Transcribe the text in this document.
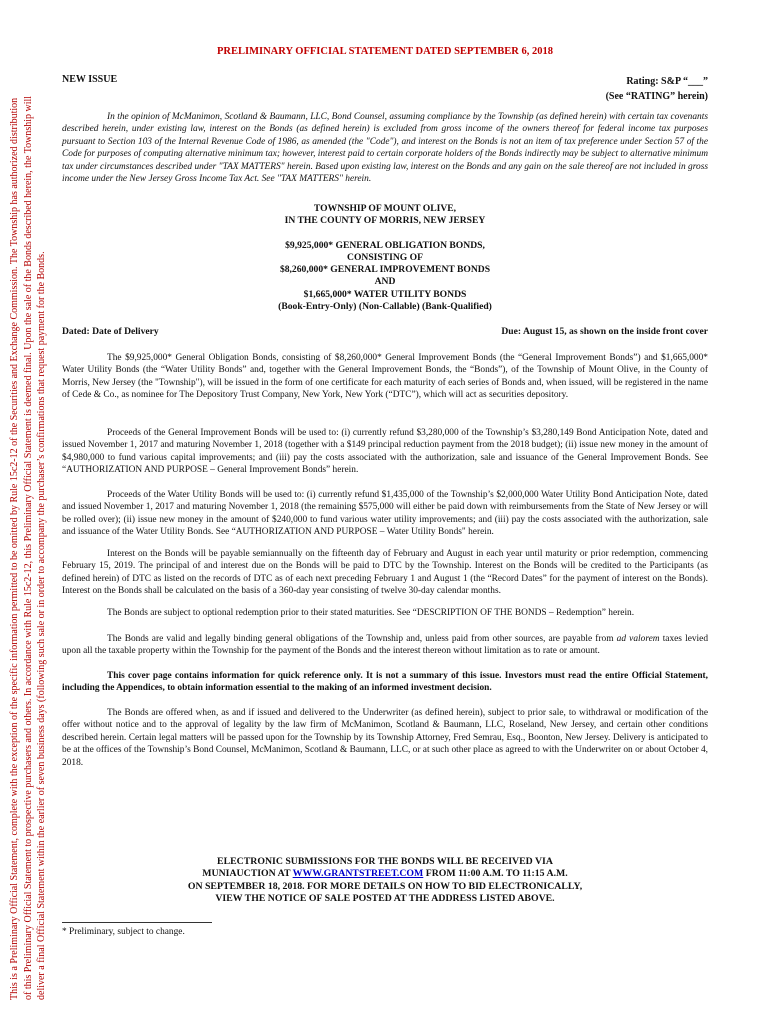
This is a Preliminary Official Statement, complete with the exception of the specific information permitted to be omitted by Rule 15c2-12 of the Securities and Exchange Commission. The Township has authorized distribution of this Preliminary Official Statement to prospective purchasers and others. In accordance with Rule 15c2-12, this Preliminary Official Statement is deemed final. Upon the sale of the Bonds described herein, the Township will deliver a final Official Statement within the earlier of seven business days (following such sale or in order to accompany the purchaser’s confirmations that request payment for the Bonds.

PRELIMINARY OFFICIAL STATEMENT DATED SEPTEMBER 6, 2018
NEW ISSUE	Rating: S&P “___”
(See “RATING” herein)

In the opinion of McManimon, Scotland & Baumann, LLC, Bond Counsel, assuming compliance by the Township (as defined herein) with certain tax covenants described herein, under existing law, interest on the Bonds (as defined herein) is excluded from gross income of the owners thereof for federal income tax purposes pursuant to Section 103 of the Internal Revenue Code of 1986, as amended (the "Code"), and interest on the Bonds is not an item of tax preference under Section 57 of the Code for purposes of computing alternative minimum tax; however, interest paid to certain corporate holders of the Bonds indirectly may be subject to alternative minimum tax under circumstances described under "TAX MATTERS" herein. Based upon existing law, interest on the Bonds and any gain on the sale thereof are not included in gross income under the New Jersey Gross Income Tax Act. See "TAX MATTERS" herein.

TOWNSHIP OF MOUNT OLIVE,
IN THE COUNTY OF MORRIS, NEW JERSEY
$9,925,000* GENERAL OBLIGATION BONDS,
CONSISTING OF
$8,260,000* GENERAL IMPROVEMENT BONDS
AND
$1,665,000* WATER UTILITY BONDS
(Book-Entry-Only) (Non-Callable) (Bank-Qualified)
Dated: Date of Delivery	Due: August 15, as shown on the inside front cover

The $9,925,000* General Obligation Bonds, consisting of $8,260,000* General Improvement Bonds (the “General Improvement Bonds”) and $1,665,000* Water Utility Bonds (the “Water Utility Bonds” and, together with the General Improvement Bonds, the “Bonds”), of the Township of Mount Olive, in the County of Morris, New Jersey (the "Township"), will be issued in the form of one certificate for each maturity of each series of Bonds and, when issued, will be registered in the name of Cede & Co., as nominee for The Depository Trust Company, New York, New York (“DTC”), which will act as securities depository.

Proceeds of the General Improvement Bonds will be used to: (i) currently refund $3,280,000 of the Township’s $3,280,149 Bond Anticipation Note, dated and issued November 1, 2017 and maturing November 1, 2018 (together with a $149 principal reduction payment from the 2018 budget); (ii) issue new money in the amount of $4,980,000 to fund various capital improvements; and (iii) pay the costs associated with the authorization, sale and issuance of the General Improvement Bonds. See “AUTHORIZATION AND PURPOSE – General Improvement Bonds” herein.

Proceeds of the Water Utility Bonds will be used to: (i) currently refund $1,435,000 of the Township’s $2,000,000 Water Utility Bond Anticipation Note, dated and issued November 1, 2017 and maturing November 1, 2018 (the remaining $575,000 will either be paid down with reimbursements from the State of New Jersey or will be rolled over); (ii) issue new money in the amount of $240,000 to fund various water utility improvements; and (iii) pay the costs associated with the authorization, sale and issuance of the Water Utility Bonds. See “AUTHORIZATION AND PURPOSE – Water Utility Bonds" herein.

Interest on the Bonds will be payable semiannually on the fifteenth day of February and August in each year until maturity or prior redemption, commencing February 15, 2019. The principal of and interest due on the Bonds will be paid to DTC by the Township. Interest on the Bonds will be credited to the Participants (as defined herein) of DTC as listed on the records of DTC as of each next preceding February 1 and August 1 (the “Record Dates” for the payment of interest on the Bonds). Interest on the Bonds shall be calculated on the basis of a 360-day year consisting of twelve 30-day calendar months.

The Bonds are subject to optional redemption prior to their stated maturities. See “DESCRIPTION OF THE BONDS – Redemption” herein.

The Bonds are valid and legally binding general obligations of the Township and, unless paid from other sources, are payable from ad valorem taxes levied upon all the taxable property within the Township for the payment of the Bonds and the interest thereon without limitation as to rate or amount.

This cover page contains information for quick reference only. It is not a summary of this issue. Investors must read the entire Official Statement, including the Appendices, to obtain information essential to the making of an informed investment decision.

The Bonds are offered when, as and if issued and delivered to the Underwriter (as defined herein), subject to prior sale, to withdrawal or modification of the offer without notice and to the approval of legality by the law firm of McManimon, Scotland & Baumann, LLC, Roseland, New Jersey, and certain other conditions described herein. Certain legal matters will be passed upon for the Township by its Township Attorney, Fred Semrau, Esq., Boonton, New Jersey. Delivery is anticipated to be at the offices of the Township’s Bond Counsel, McManimon, Scotland & Baumann, LLC, or at such other place as agreed to with the Underwriter on or about October 4, 2018.

ELECTRONIC SUBMISSIONS FOR THE BONDS WILL BE RECEIVED VIA
MUNIAUCTION AT WWW.GRANTSTREET.COM FROM 11:00 A.M. TO 11:15 A.M.
ON SEPTEMBER 18, 2018. FOR MORE DETAILS ON HOW TO BID ELECTRONICALLY,
VIEW THE NOTICE OF SALE POSTED AT THE ADDRESS LISTED ABOVE.
* Preliminary, subject to change.
